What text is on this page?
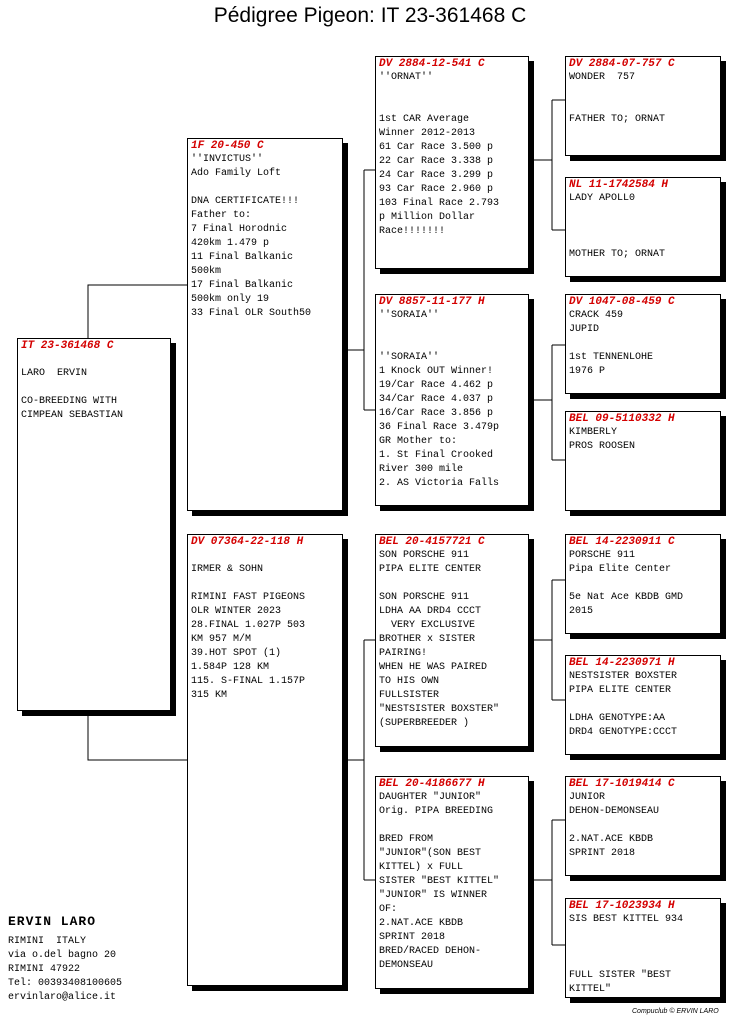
Pédigree Pigeon: IT 23-361468 C
IT 23-361468 C
LARO  ERVIN

CO-BREEDING WITH
CIMPEAN SEBASTIAN
1F 20-450 C
''INVICTUS''
Ado Family Loft

DNA CERTIFICATE!!!
Father to:
7 Final Horodnic
420km 1.479 p
11 Final Balkanic
500km
17 Final Balkanic
500km only 19
33 Final OLR South50
DV 07364-22-118 H

IRMER & SOHN

RIMINI FAST PIGEONS
OLR WINTER 2023
28.FINAL 1.027P 503
KM 957 M/M
39.HOT SPOT (1)
1.584P 128 KM
115. S-FINAL 1.157P
315 KM
DV 2884-12-541 C
''ORNAT''

1st CAR Average
Winner 2012-2013
61 Car Race 3.500 p
22 Car Race 3.338 p
24 Car Race 3.299 p
93 Car Race 2.960 p
103 Final Race 2.793
p Million Dollar
Race!!!!!!!
DV 8857-11-177 H
''SORAIA''

''SORAIA''
1 Knock OUT Winner!
19/Car Race 4.462 p
34/Car Race 4.037 p
16/Car Race 3.856 p
36 Final Race 3.479p
GR Mother to:
1. St Final Crooked
River 300 mile
2. AS Victoria Falls
BEL 20-4157721 C
SON PORSCHE 911
PIPA ELITE CENTER

SON PORSCHE 911
LDHA AA DRD4 CCCT
VERY EXCLUSIVE
BROTHER x SISTER
PAIRING!
WHEN HE WAS PAIRED
TO HIS OWN
FULLSISTER
"NESTSISTER BOXSTER"
(SUPERBREEDER )
BEL 20-4186677 H
DAUGHTER "JUNIOR"
Orig. PIPA BREEDING

BRED FROM
"JUNIOR"(SON BEST
KITTEL) x FULL
SISTER "BEST KITTEL"
"JUNIOR" IS WINNER
OF:
2.NAT.ACE KBDB
SPRINT 2018
BRED/RACED DEHON-
DEMONSEAU
DV 2884-07-757 C
WONDER  757

FATHER TO; ORNAT
NL 11-1742584 H
LADY APOLL0

MOTHER TO; ORNAT
DV 1047-08-459 C
CRACK 459
JUPID

1st TENNENLOHE
1976 P
BEL 09-5110332 H
KIMBERLY
PROS ROOSEN
BEL 14-2230911 C
PORSCHE 911
Pipa Elite Center

5e Nat Ace KBDB GMD
2015
BEL 14-2230971 H
NESTSISTER BOXSTER
PIPA ELITE CENTER

LDHA GENOTYPE:AA
DRD4 GENOTYPE:CCCT
BEL 17-1019414 C
JUNIOR
DEHON-DEMONSEAU

2.NAT.ACE KBDB
SPRINT 2018
BEL 17-1023934 H
SIS BEST KITTEL 934

FULL SISTER "BEST
KITTEL"
ERVIN LARO
RIMINI  ITALY
via o.del bagno 20
RIMINI 47922
Tel: 00393408100605
ervinlaro@alice.it
Compuclub © ERVIN LARO
